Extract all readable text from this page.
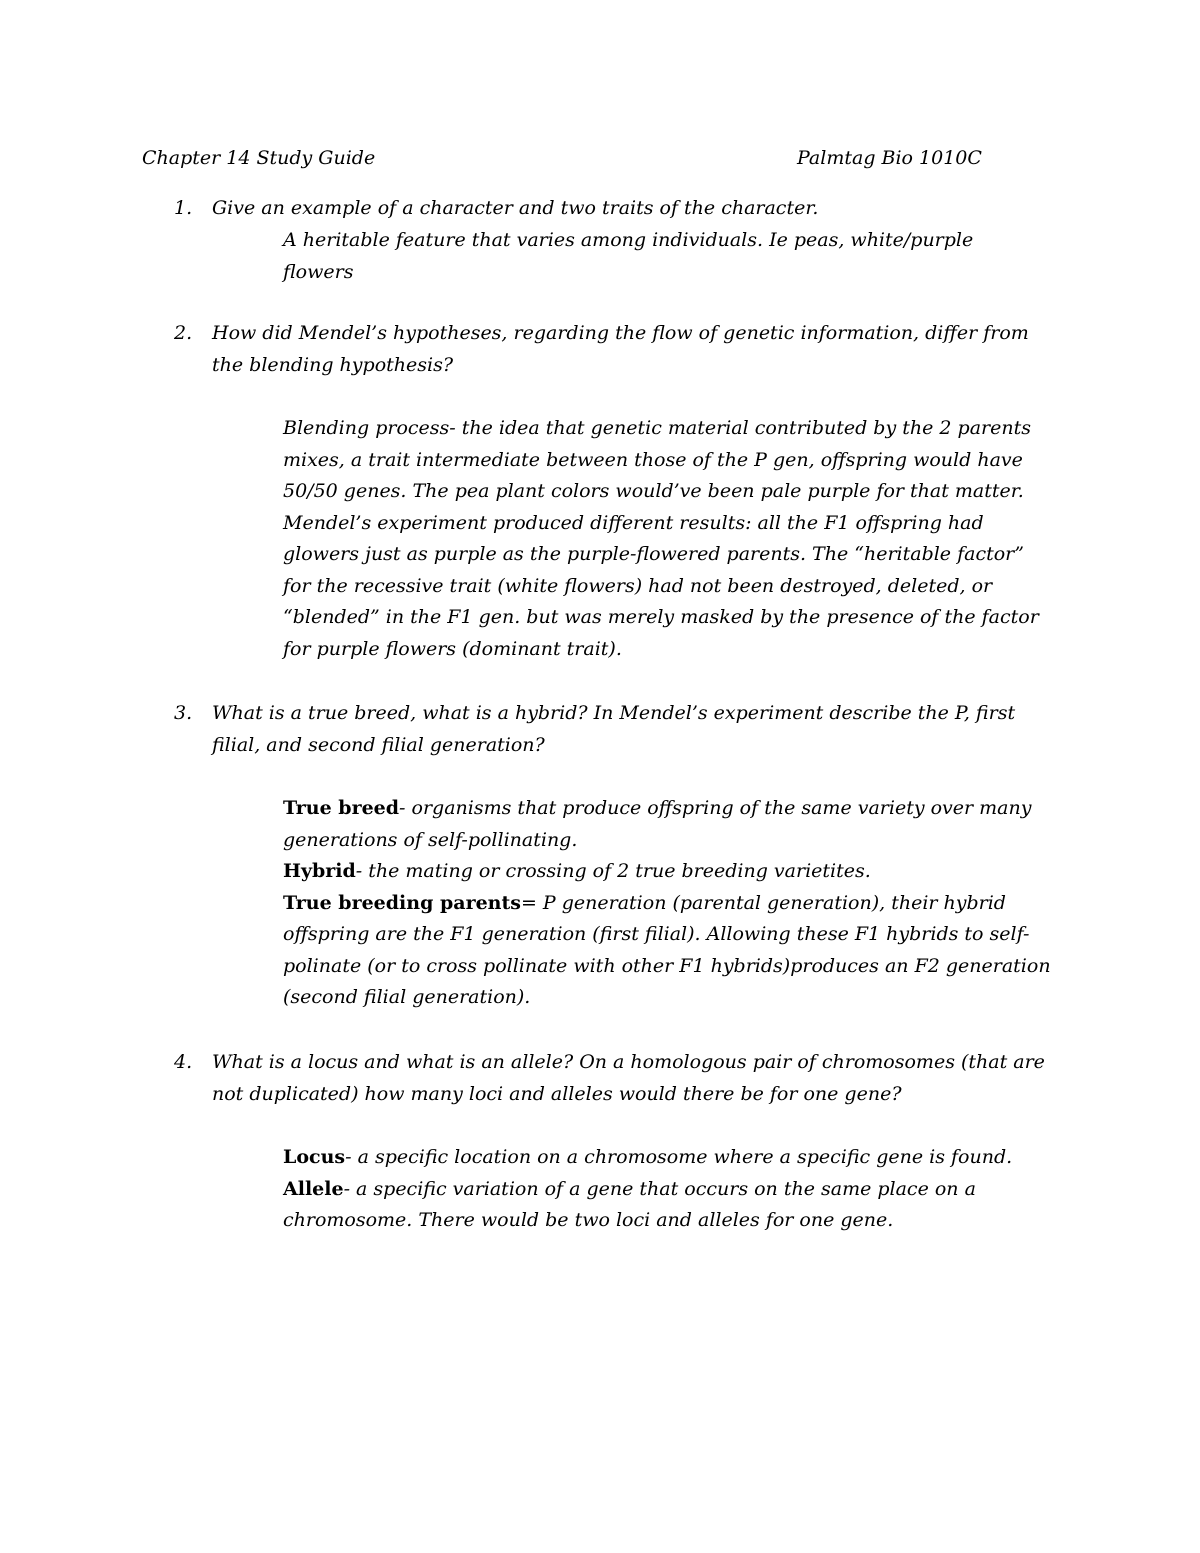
Chapter 14 Study Guide	Palmtag Bio 1010C
1.	Give an example of a character and two traits of the character.

A heritable feature that varies among individuals. Ie peas, white/purple flowers

2.	How did Mendel’s hypotheses, regarding the flow of genetic information, differ from the blending hypothesis?

Blending process- the idea that genetic material contributed by the 2 parents mixes, a trait intermediate between those of the P gen, offspring would have 50/50 genes. The pea plant colors would’ve been pale purple for that matter. Mendel’s experiment produced different results: all the F1 offspring had glowers just as purple as the purple-flowered parents. The “heritable factor” for the recessive trait (white flowers) had not been destroyed, deleted, or “blended” in the F1 gen. but was merely masked by the presence of the factor for purple flowers (dominant trait).

3.	What is a true breed, what is a hybrid? In Mendel’s experiment describe the P, first filial, and second filial generation?

True breed- organisms that produce offspring of the same variety over many generations of self-pollinating.

Hybrid- the mating or crossing of 2 true breeding varietites.

True breeding parents= P generation (parental generation), their hybrid offspring are the F1 generation (first filial). Allowing these F1 hybrids to self-polinate (or to cross pollinate with other F1 hybrids)produces an F2 generation (second filial generation).

4.	What is a locus and what is an allele? On a homologous pair of chromosomes (that are not duplicated) how many loci and alleles would there be for one gene?

Locus- a specific location on a chromosome where a specific gene is found.

Allele- a specific variation of a gene that occurs on the same place on a chromosome. There would be two loci and alleles for one gene.
